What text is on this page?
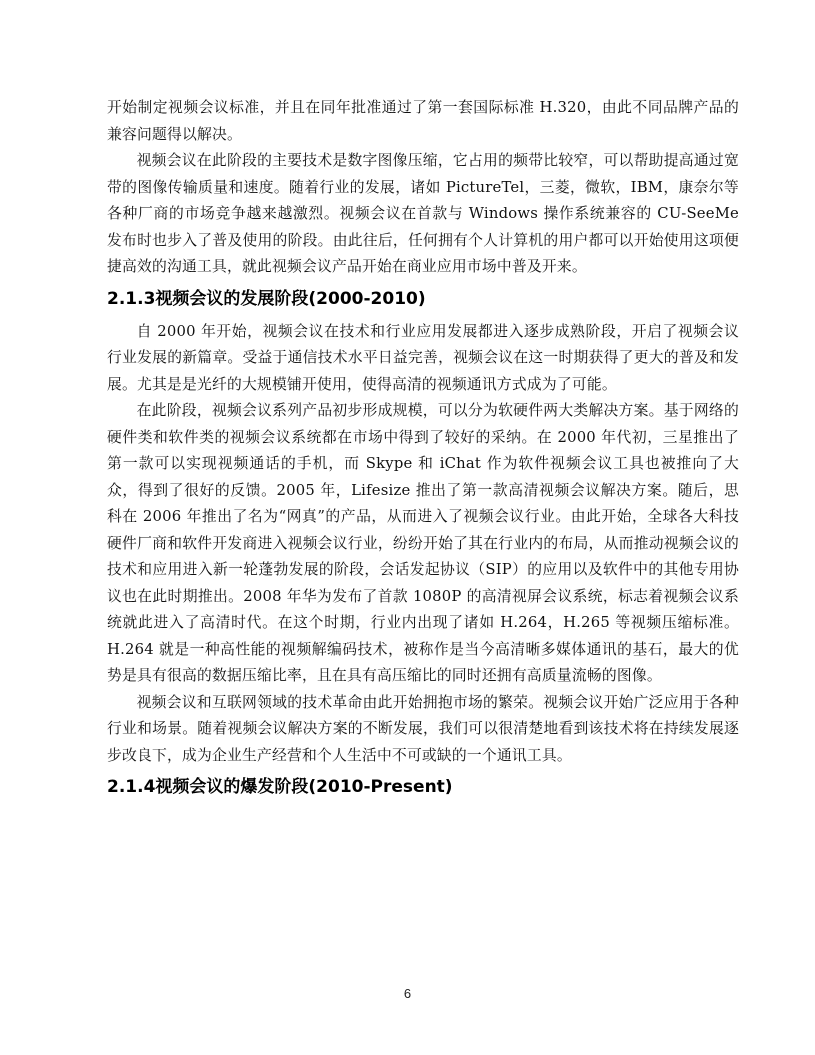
开始制定视频会议标准，并且在同年批准通过了第一套国际标准 H.320，由此不同品牌产品的兼容问题得以解决。

视频会议在此阶段的主要技术是数字图像压缩，它占用的频带比较窄，可以帮助提高通过宽带的图像传输质量和速度。随着行业的发展，诸如 PictureTel，三菱，微软，IBM，康奈尔等各种厂商的市场竞争越来越激烈。视频会议在首款与 Windows 操作系统兼容的 CU-SeeMe 发布时也步入了普及使用的阶段。由此往后，任何拥有个人计算机的用户都可以开始使用这项便捷高效的沟通工具，就此视频会议产品开始在商业应用市场中普及开来。

2.1.3视频会议的发展阶段(2000-2010)

自 2000 年开始，视频会议在技术和行业应用发展都进入逐步成熟阶段，开启了视频会议行业发展的新篇章。受益于通信技术水平日益完善，视频会议在这一时期获得了更大的普及和发展。尤其是是光纤的大规模铺开使用，使得高清的视频通讯方式成为了可能。

在此阶段，视频会议系列产品初步形成规模，可以分为软硬件两大类解决方案。基于网络的硬件类和软件类的视频会议系统都在市场中得到了较好的采纳。在 2000 年代初，三星推出了第一款可以实现视频通话的手机，而 Skype 和 iChat 作为软件视频会议工具也被推向了大众，得到了很好的反馈。2005 年，Lifesize 推出了第一款高清视频会议解决方案。随后，思科在 2006 年推出了名为“网真”的产品，从而进入了视频会议行业。由此开始，全球各大科技硬件厂商和软件开发商进入视频会议行业，纷纷开始了其在行业内的布局，从而推动视频会议的技术和应用进入新一轮蓬勃发展的阶段，会话发起协议（SIP）的应用以及软件中的其他专用协议也在此时期推出。2008 年华为发布了首款 1080P 的高清视屏会议系统，标志着视频会议系统就此进入了高清时代。在这个时期，行业内出现了诸如 H.264，H.265 等视频压缩标准。H.264 就是一种高性能的视频解编码技术，被称作是当今高清晰多媒体通讯的基石，最大的优势是具有很高的数据压缩比率，且在具有高压缩比的同时还拥有高质量流畅的图像。

视频会议和互联网领域的技术革命由此开始拥抱市场的繁荣。视频会议开始广泛应用于各种行业和场景。随着视频会议解决方案的不断发展，我们可以很清楚地看到该技术将在持续发展逐步改良下，成为企业生产经营和个人生活中不可或缺的一个通讯工具。

2.1.4视频会议的爆发阶段(2010-Present)
6
